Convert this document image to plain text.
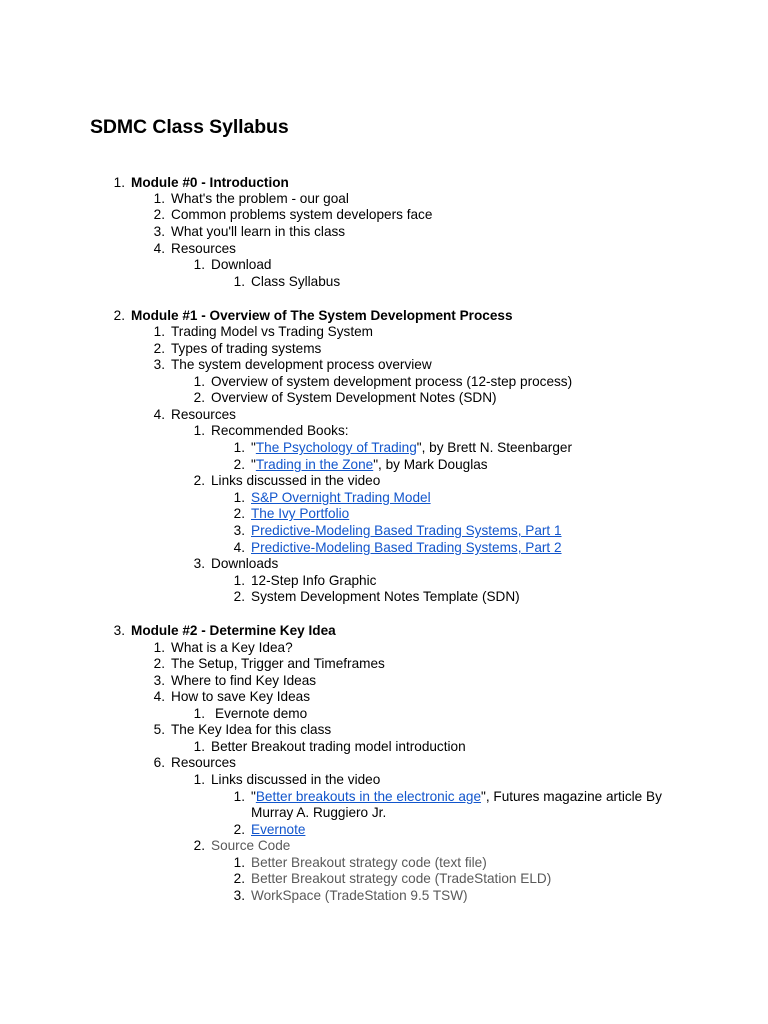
SDMC Class Syllabus
1. Module #0 - Introduction
1. What's the problem - our goal
2. Common problems system developers face
3. What you'll learn in this class
4. Resources
1. Download
1. Class Syllabus
2. Module #1 - Overview of The System Development Process
1. Trading Model vs Trading System
2. Types of trading systems
3. The system development process overview
1. Overview of system development process (12-step process)
2. Overview of System Development Notes (SDN)
4. Resources
1. Recommended Books:
1. "The Psychology of Trading", by Brett N. Steenbarger
2. "Trading in the Zone", by Mark Douglas
2. Links discussed in the video
1. S&P Overnight Trading Model
2. The Ivy Portfolio
3. Predictive-Modeling Based Trading Systems, Part 1
4. Predictive-Modeling Based Trading Systems, Part 2
3. Downloads
1. 12-Step Info Graphic
2. System Development Notes Template (SDN)
3. Module #2 - Determine Key Idea
1. What is a Key Idea?
2. The Setup, Trigger and Timeframes
3. Where to find Key Ideas
4. How to save Key Ideas
1. Evernote demo
5. The Key Idea for this class
1. Better Breakout trading model introduction
6. Resources
1. Links discussed in the video
1. "Better breakouts in the electronic age", Futures magazine article By Murray A. Ruggiero Jr.
2. Evernote
2. Source Code
1. Better Breakout strategy code (text file)
2. Better Breakout strategy code (TradeStation ELD)
3. WorkSpace (TradeStation 9.5 TSW)
